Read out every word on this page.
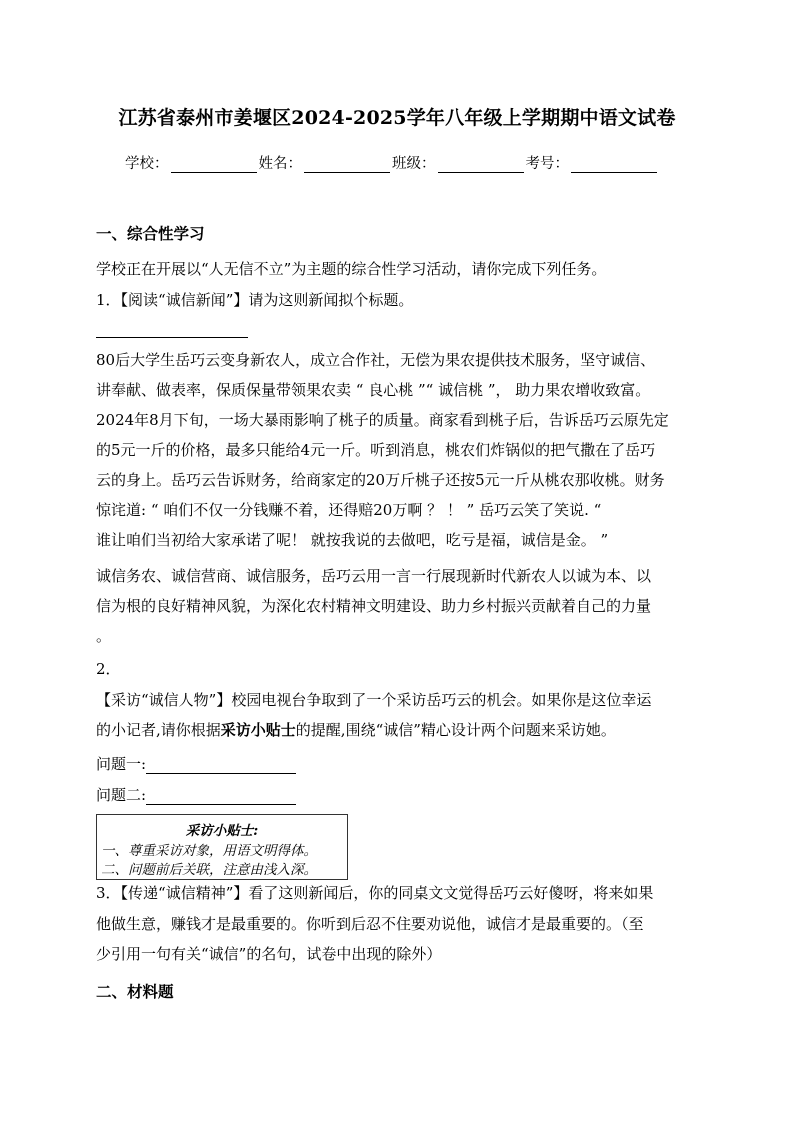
江苏省泰州市姜堰区2024-2025学年八年级上学期期中语文试卷
学校：	姓名：	班级：	考号：
一、综合性学习
学校正在开展以“人无信不立”为主题的综合性学习活动，请你完成下列任务。
1．【阅读“诚信新闻”】请为这则新闻拟个标题。
80后大学生岳巧云变身新农人，成立合作社，无偿为果农提供技术服务，坚守诚信、
讲奉献、做表率，保质保量带领果农卖 “ 良心桃 ”“ 诚信桃 ”， 助力果农增收致富。
2024年8月下旬，一场大暴雨影响了桃子的质量。商家看到桃子后，告诉岳巧云原先定
的5元一斤的价格，最多只能给4元一斤。听到消息，桃农们炸锅似的把气撒在了岳巧
云的身上。岳巧云告诉财务，给商家定的20万斤桃子还按5元一斤从桃农那收桃。财务
惊诧道: “ 咱们不仅一分钱赚不着，还得赔20万啊 ？ ！ ” 岳巧云笑了笑说. “
谁让咱们当初给大家承诺了呢！ 就按我说的去做吧，吃亏是福，诚信是金。 ”
诚信务农、诚信营商、诚信服务，岳巧云用一言一行展现新时代新农人以诚为本、以
信为根的良好精神风貌，为深化农村精神文明建设、助力乡村振兴贡献着自己的力量
。
2．
【采访“诚信人物”】校园电视台争取到了一个采访岳巧云的机会。如果你是这位幸运
的小记者,请你根据采访小贴士的提醒,围绕“诚信”精心设计两个问题来采访她。
问题一:
问题二:
采访小贴士:
一、尊重采访对象，用语文明得体。
二、问题前后关联，注意由浅入深。
3．【传递“诚信精神”】看了这则新闻后，你的同桌文文觉得岳巧云好傻呀，将来如果
他做生意，赚钱才是最重要的。你听到后忍不住要劝说他，诚信才是最重要的。（至
少引用一句有关“诚信”的名句，试卷中出现的除外）
二、材料题
